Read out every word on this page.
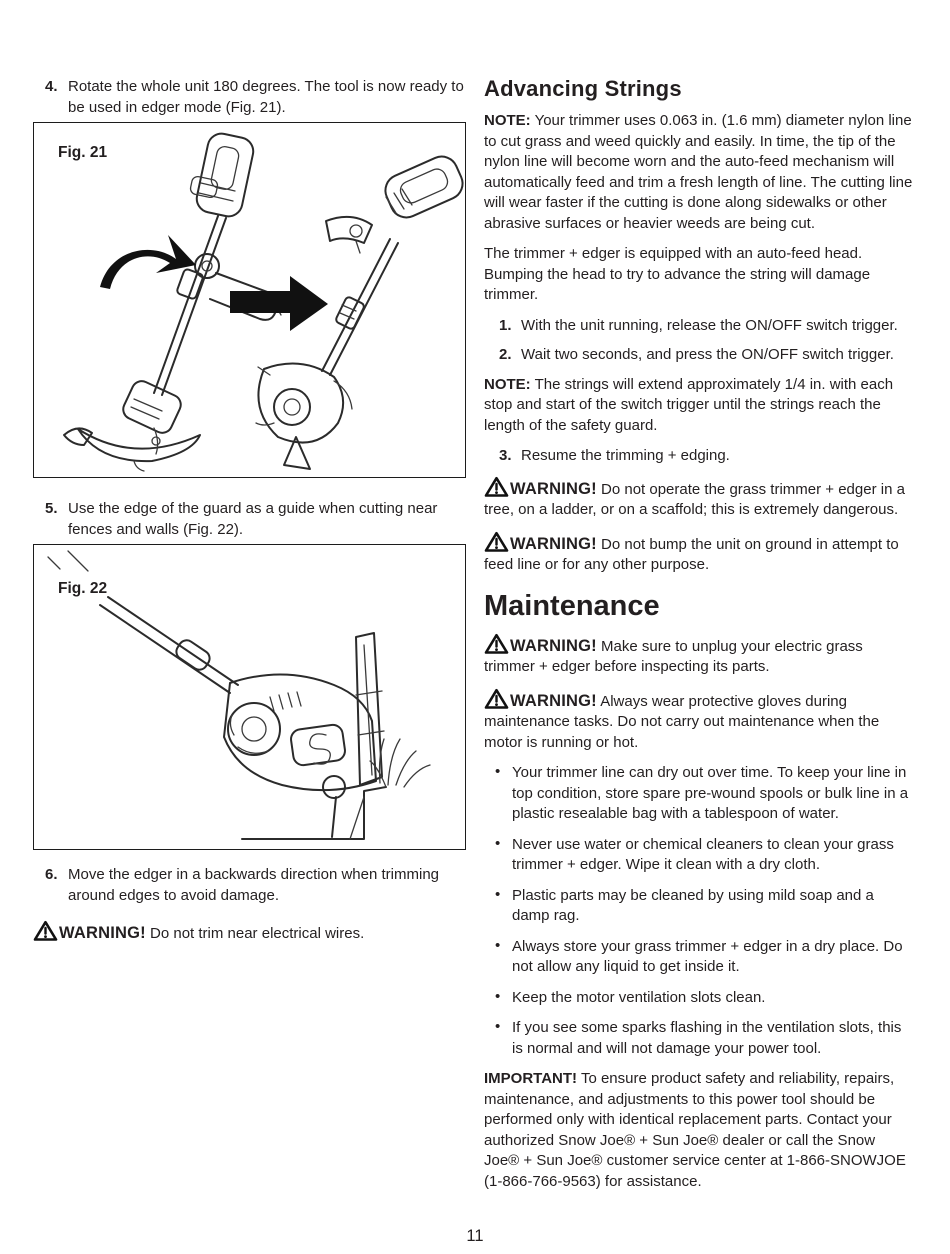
4. Rotate the whole unit 180 degrees. The tool is now ready to be used in edger mode (Fig. 21).
Fig. 21
5. Use the edge of the guard as a guide when cutting near fences and walls (Fig. 22).
Fig. 22
6. Move the edger in a backwards direction when trimming around edges to avoid damage.

WARNING! Do not trim near electrical wires.

Advancing Strings

NOTE: Your trimmer uses 0.063 in. (1.6 mm) diameter nylon line to cut grass and weed quickly and easily. In time, the tip of the nylon line will become worn and the auto-feed mechanism will automatically feed and trim a fresh length of line. The cutting line will wear faster if the cutting is done along sidewalks or other abrasive surfaces or heavier weeds are being cut.

The trimmer + edger is equipped with an auto-feed head. Bumping the head to try to advance the string will damage trimmer.

1. With the unit running, release the ON/OFF switch trigger.
2. Wait two seconds, and press the ON/OFF switch trigger.

NOTE: The strings will extend approximately 1/4 in. with each stop and start of the switch trigger until the strings reach the length of the safety guard.

3. Resume the trimming + edging.

WARNING! Do not operate the grass trimmer + edger in a tree, on a ladder, or on a scaffold; this is extremely dangerous.

WARNING! Do not bump the unit on ground in attempt to feed line or for any other purpose.

Maintenance

WARNING! Make sure to unplug your electric grass trimmer + edger before inspecting its parts.

WARNING! Always wear protective gloves during maintenance tasks. Do not carry out maintenance when the motor is running or hot.

• Your trimmer line can dry out over time. To keep your line in top condition, store spare pre-wound spools or bulk line in a plastic resealable bag with a tablespoon of water.
• Never use water or chemical cleaners to clean your grass trimmer + edger. Wipe it clean with a dry cloth.
• Plastic parts may be cleaned by using mild soap and a damp rag.
• Always store your grass trimmer + edger in a dry place. Do not allow any liquid to get inside it.
• Keep the motor ventilation slots clean.
• If you see some sparks flashing in the ventilation slots, this is normal and will not damage your power tool.

IMPORTANT! To ensure product safety and reliability, repairs, maintenance, and adjustments to this power tool should be performed only with identical replacement parts. Contact your authorized Snow Joe® + Sun Joe® dealer or call the Snow Joe® + Sun Joe® customer service center at 1-866-SNOWJOE (1-866-766-9563) for assistance.

11
